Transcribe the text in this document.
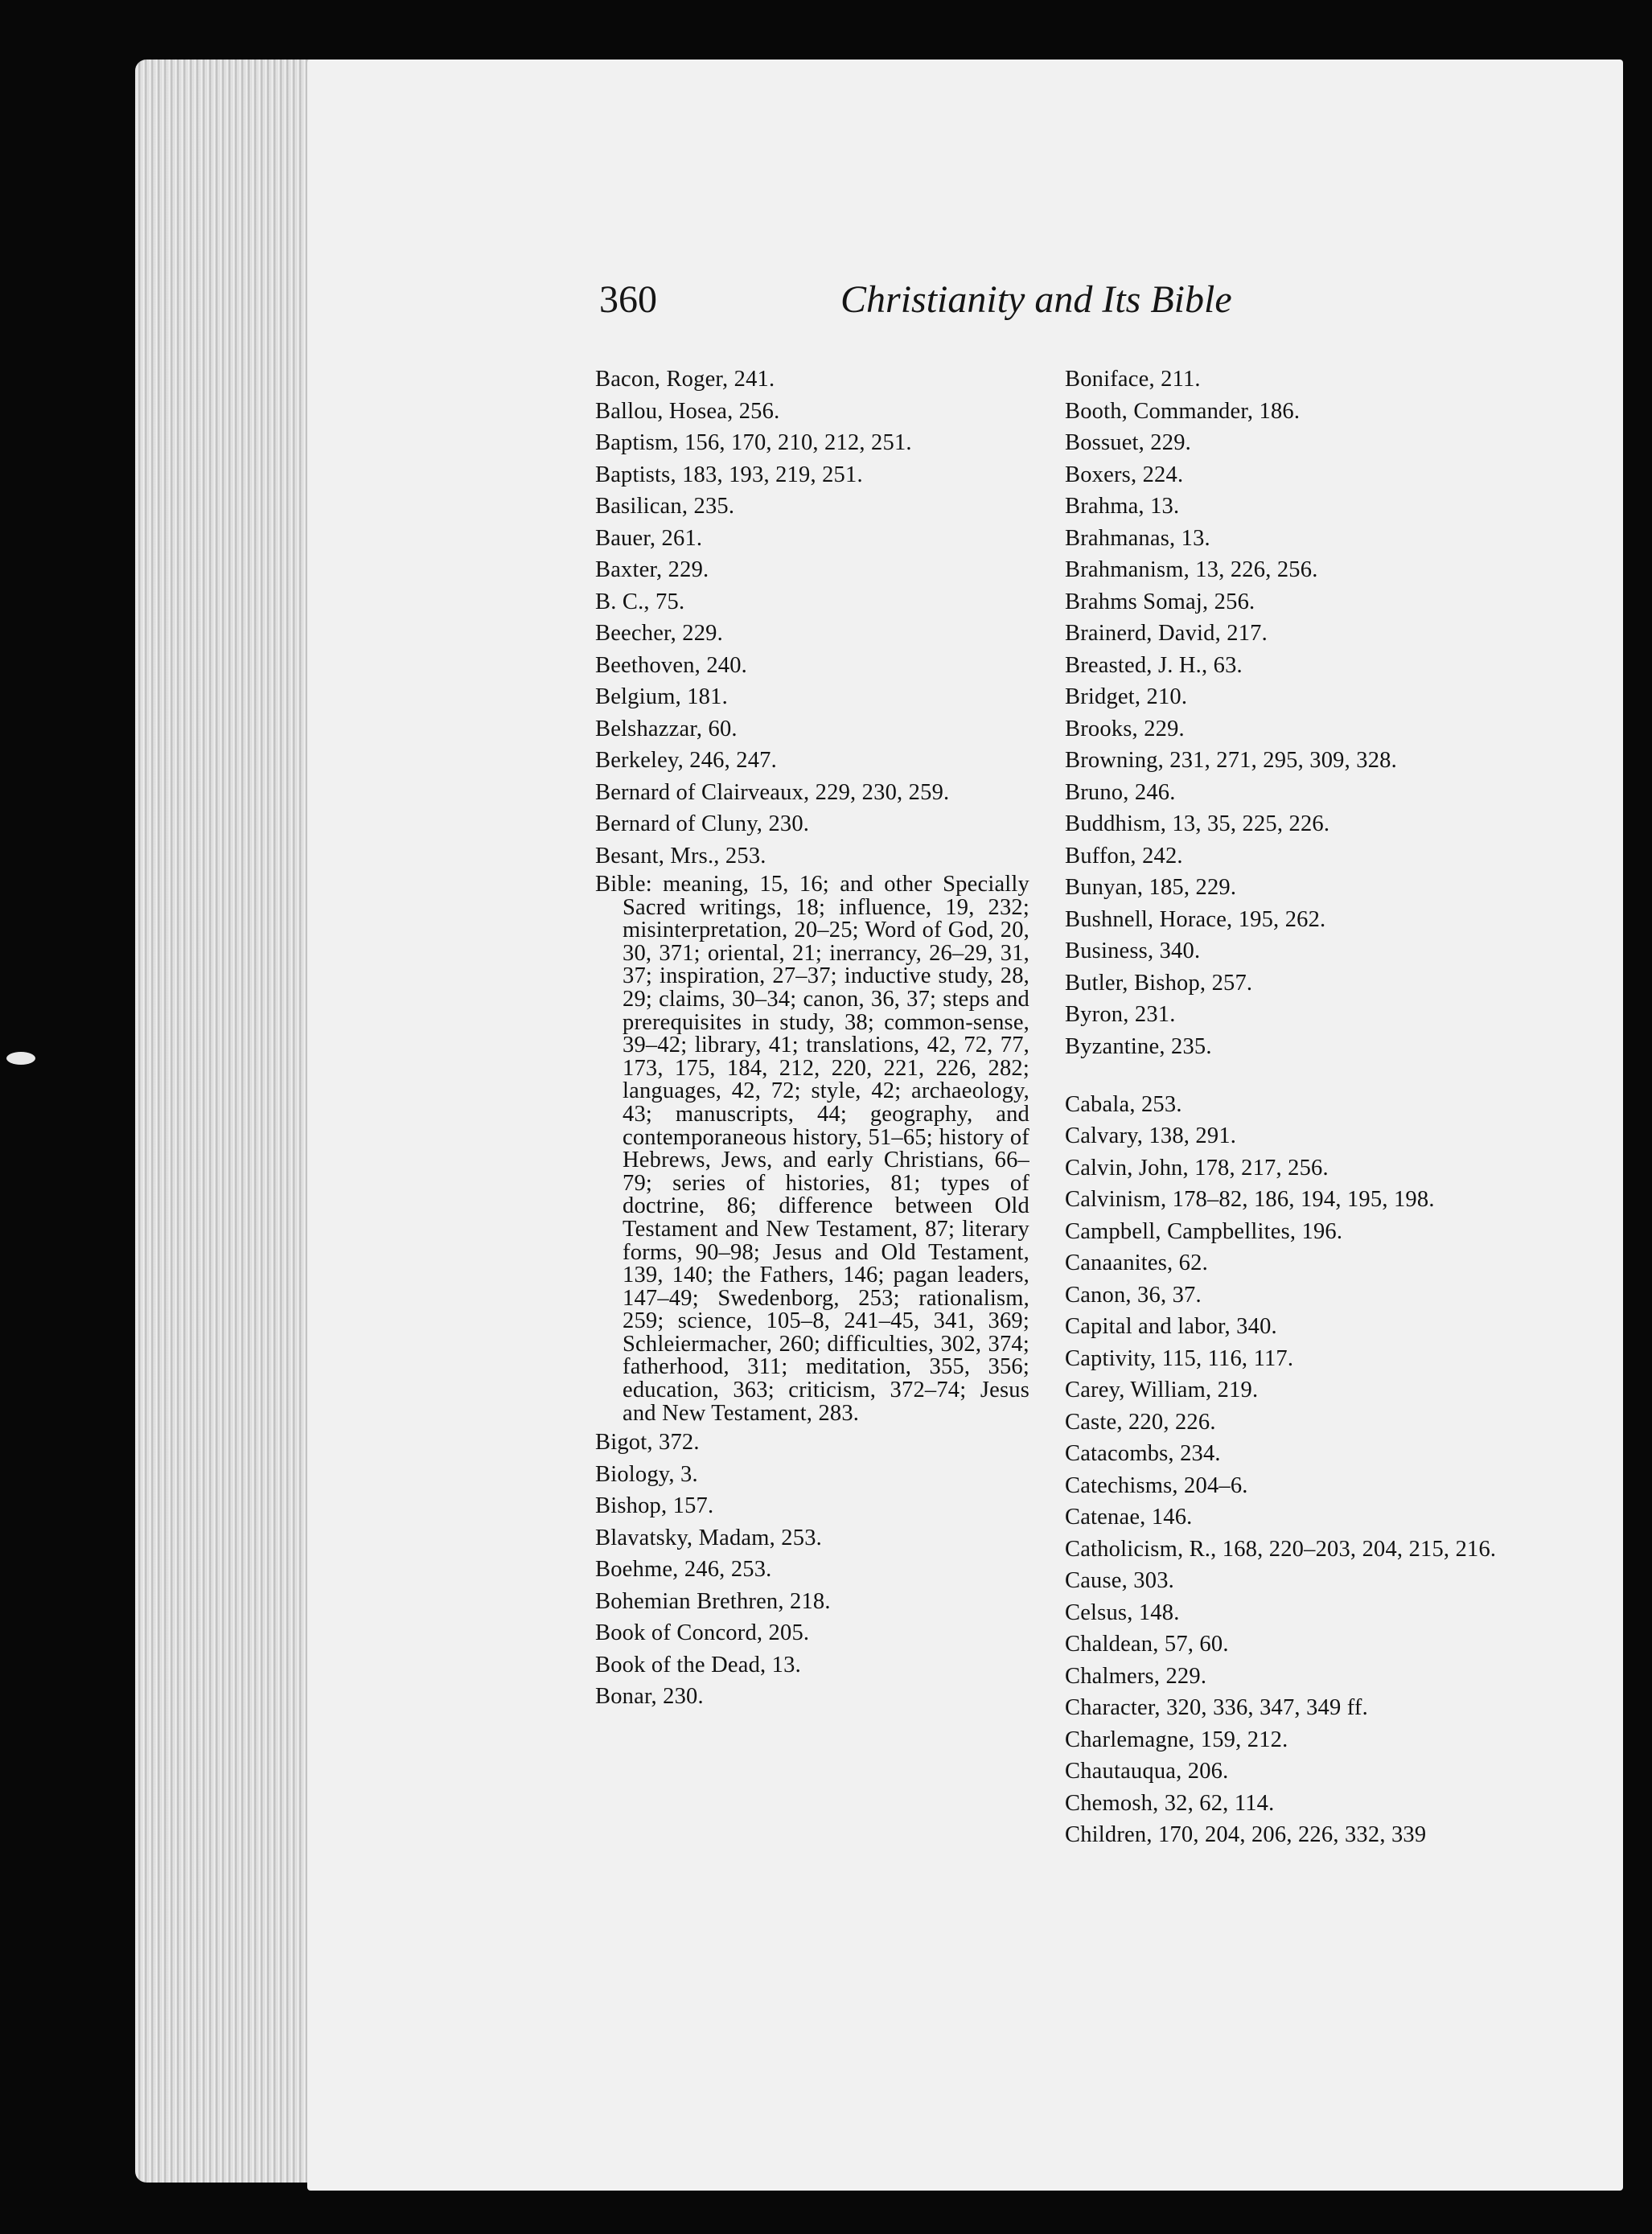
360	Christianity and Its Bible
Bacon, Roger, 241.
Ballou, Hosea, 256.
Baptism, 156, 170, 210, 212, 251.
Baptists, 183, 193, 219, 251.
Basilican, 235.
Bauer, 261.
Baxter, 229.
B. C., 75.
Beecher, 229.
Beethoven, 240.
Belgium, 181.
Belshazzar, 60.
Berkeley, 246, 247.
Bernard of Clairveaux, 229, 230, 259.
Bernard of Cluny, 230.
Besant, Mrs., 253.
Bible: meaning, 15, 16; and other Specially Sacred writings, 18; influence, 19, 232; misinterpretation, 20–25; Word of God, 20, 30, 371; oriental, 21; inerrancy, 26–29, 31, 37; inspiration, 27–37; inductive study, 28, 29; claims, 30–34; canon, 36, 37; steps and prerequisites in study, 38; common-sense, 39–42; library, 41; translations, 42, 72, 77, 173, 175, 184, 212, 220, 221, 226, 282; languages, 42, 72; style, 42; archaeology, 43; manuscripts, 44; geography, and contemporaneous history, 51–65; history of Hebrews, Jews, and early Christians, 66–79; series of histories, 81; types of doctrine, 86; difference between Old Testament and New Testament, 87; literary forms, 90–98; Jesus and Old Testament, 139, 140; the Fathers, 146; pagan leaders, 147–49; Swedenborg, 253; rationalism, 259; science, 105–8, 241–45, 341, 369; Schleiermacher, 260; difficulties, 302, 374; fatherhood, 311; meditation, 355, 356; education, 363; criticism, 372–74; Jesus and New Testament, 283.
Bigot, 372.
Biology, 3.
Bishop, 157.
Blavatsky, Madam, 253.
Boehme, 246, 253.
Bohemian Brethren, 218.
Book of Concord, 205.
Book of the Dead, 13.
Bonar, 230.
Boniface, 211.
Booth, Commander, 186.
Bossuet, 229.
Boxers, 224.
Brahma, 13.
Brahmanas, 13.
Brahmanism, 13, 226, 256.
Brahms Somaj, 256.
Brainerd, David, 217.
Breasted, J. H., 63.
Bridget, 210.
Brooks, 229.
Browning, 231, 271, 295, 309, 328.
Bruno, 246.
Buddhism, 13, 35, 225, 226.
Buffon, 242.
Bunyan, 185, 229.
Bushnell, Horace, 195, 262.
Business, 340.
Butler, Bishop, 257.
Byron, 231.
Byzantine, 235.
Cabala, 253.
Calvary, 138, 291.
Calvin, John, 178, 217, 256.
Calvinism, 178–82, 186, 194, 195, 198.
Campbell, Campbellites, 196.
Canaanites, 62.
Canon, 36, 37.
Capital and labor, 340.
Captivity, 115, 116, 117.
Carey, William, 219.
Caste, 220, 226.
Catacombs, 234.
Catechisms, 204–6.
Catenae, 146.
Catholicism, R., 168, 220–203, 204, 215, 216.
Cause, 303.
Celsus, 148.
Chaldean, 57, 60.
Chalmers, 229.
Character, 320, 336, 347, 349 ff.
Charlemagne, 159, 212.
Chautauqua, 206.
Chemosh, 32, 62, 114.
Children, 170, 204, 206, 226, 332, 339
